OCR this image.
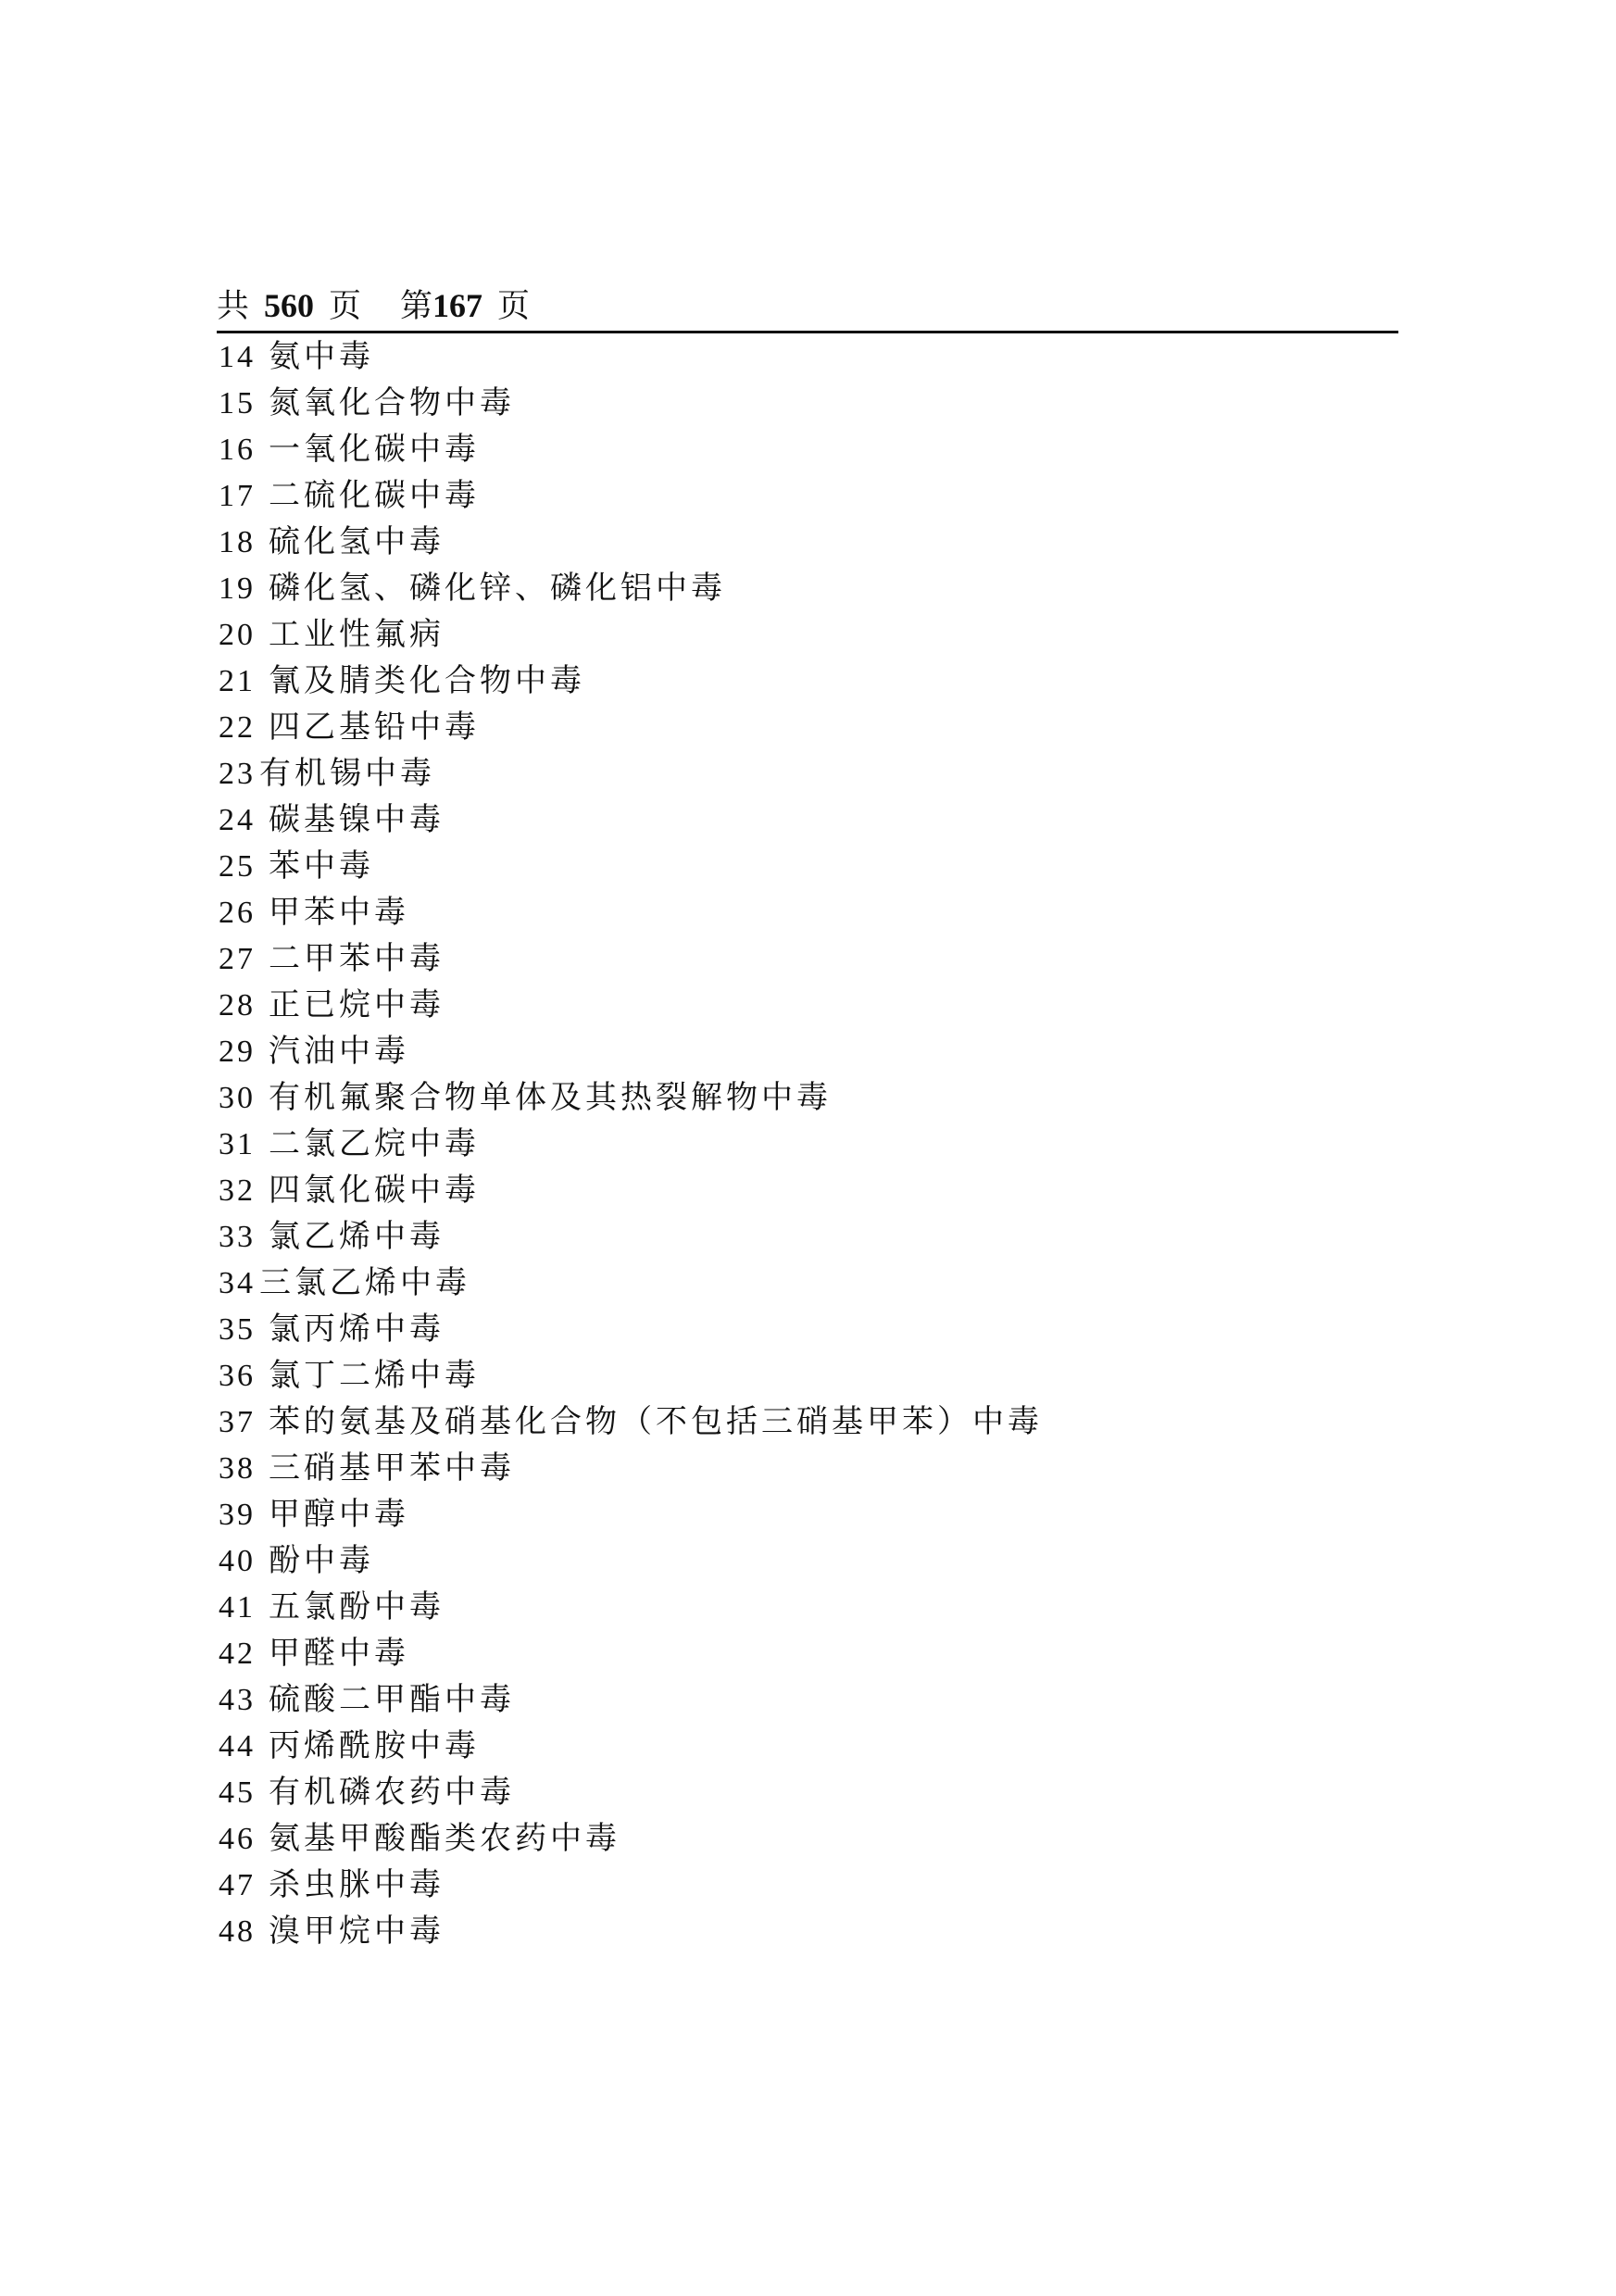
共 560 页 第167 页
14 氨中毒
15 氮氧化合物中毒
16 一氧化碳中毒
17 二硫化碳中毒
18 硫化氢中毒
19 磷化氢、磷化锌、磷化铝中毒
20 工业性氟病
21 氰及腈类化合物中毒
22 四乙基铅中毒
23 有机锡中毒
24 碳基镍中毒
25 苯中毒
26 甲苯中毒
27 二甲苯中毒
28 正已烷中毒
29 汽油中毒
30 有机氟聚合物单体及其热裂解物中毒
31 二氯乙烷中毒
32 四氯化碳中毒
33 氯乙烯中毒
34 三氯乙烯中毒
35 氯丙烯中毒
36 氯丁二烯中毒
37 苯的氨基及硝基化合物（不包括三硝基甲苯）中毒
38 三硝基甲苯中毒
39 甲醇中毒
40 酚中毒
41 五氯酚中毒
42 甲醛中毒
43 硫酸二甲酯中毒
44 丙烯酰胺中毒
45 有机磷农药中毒
46 氨基甲酸酯类农药中毒
47 杀虫脒中毒
48 溴甲烷中毒
